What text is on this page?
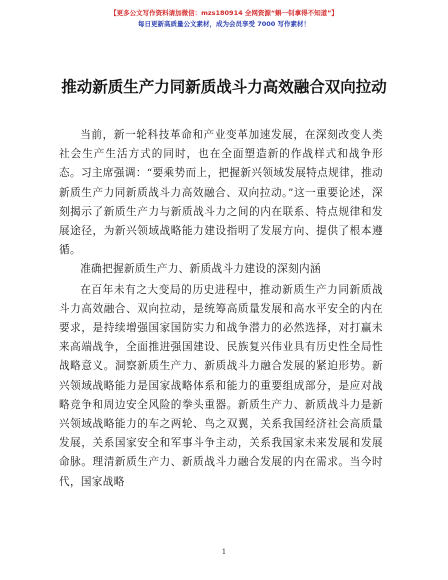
【更多公文写作资料请加微信：mzs180914 全网资源“蝌一钊拿得不知道”】
每日更新高质量公文素材，成为会员享受 7000 写作素材！
推动新质生产力同新质战斗力高效融合双向拉动

当前，新一轮科技革命和产业变革加速发展，在深刻改变人类社会生产生活方式的同时，也在全面塑造新的作战样式和战争形态。习主席强调：“要乘势而上，把握新兴领域发展特点规律，推动新质生产力同新质战斗力高效融合、双向拉动。”这一重要论述，深刻揭示了新质生产力与新质战斗力之间的内在联系、特点规律和发展途径，为新兴领域战略能力建设指明了发展方向、提供了根本遵循。

准确把握新质生产力、新质战斗力建设的深刻内涵

在百年未有之大变局的历史进程中，推动新质生产力同新质战斗力高效融合、双向拉动，是统筹高质量发展和高水平安全的内在要求，是持续增强国家国防实力和战争潜力的必然选择，对打赢未来高端战争，全面推进强国建设、民族复兴伟业具有历史性全局性战略意义。洞察新质生产力、新质战斗力融合发展的紧迫形势。新兴领域战略能力是国家战略体系和能力的重要组成部分，是应对战略竞争和周边安全风险的拳头重器。新质生产力、新质战斗力是新兴领域战略能力的车之两轮、鸟之双翼，关系我国经济社会高质量发展，关系国家安全和军事斗争主动，关系我国家未来发展和发展命脉。理清新质生产力、新质战斗力融合发展的内在需求。当今时代，国家战略

1
